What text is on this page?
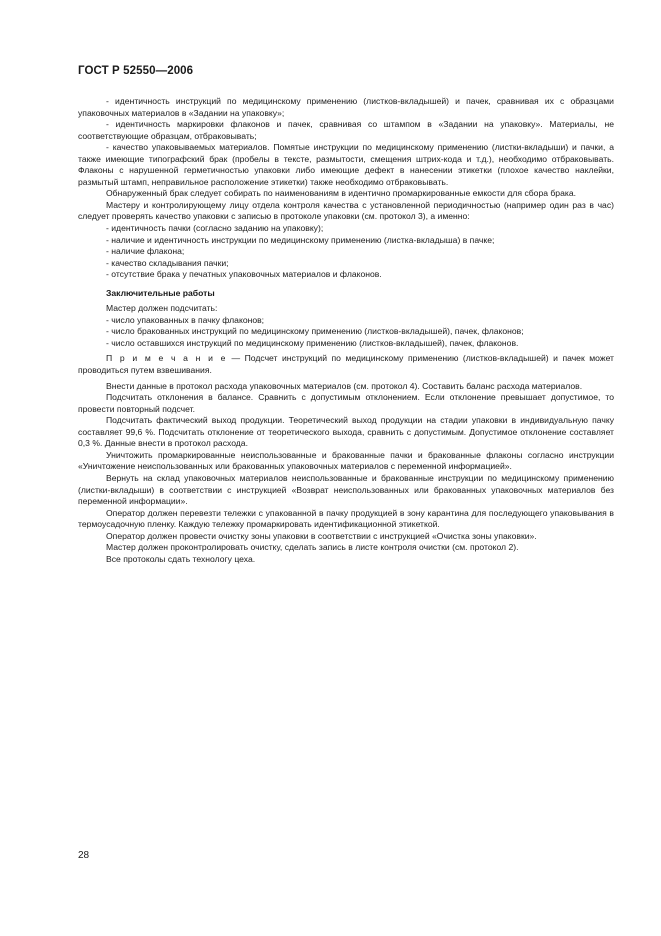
ГОСТ Р 52550—2006

- идентичность инструкций по медицинскому применению (листков-вкладышей) и пачек, сравнивая их с образцами упаковочных материалов в «Задании на упаковку»;

- идентичность маркировки флаконов и пачек, сравнивая со штампом в «Задании на упаковку». Материалы, не соответствующие образцам, отбраковывать;

- качество упаковываемых материалов. Помятые инструкции по медицинскому применению (листки-вкладыши) и пачки, а также имеющие типографский брак (пробелы в тексте, размытости, смещения штрих-кода и т.д.), необходимо отбраковывать. Флаконы с нарушенной герметичностью упаковки либо имеющие дефект в нанесении этикетки (плохое качество наклейки, размытый штамп, неправильное расположение этикетки) также необходимо отбраковывать.

Обнаруженный брак следует собирать по наименованиям в идентично промаркированные емкости для сбора брака.

Мастеру и контролирующему лицу отдела контроля качества с установленной периодичностью (например один раз в час) следует проверять качество упаковки с записью в протоколе упаковки (см. протокол 3), а именно:

- идентичность пачки (согласно заданию на упаковку);

- наличие и идентичность инструкции по медицинскому применению (листка-вкладыша) в пачке;

- наличие флакона;

- качество складывания пачки;

- отсутствие брака у печатных упаковочных материалов и флаконов.

Заключительные работы

Мастер должен подсчитать:

- число упакованных в пачку флаконов;

- число бракованных инструкций по медицинскому применению (листков-вкладышей), пачек, флаконов;

- число оставшихся инструкций по медицинскому применению (листков-вкладышей), пачек, флаконов.

П р и м е ч а н и е — Подсчет инструкций по медицинскому применению (листков-вкладышей) и пачек может проводиться путем взвешивания.

Внести данные в протокол расхода упаковочных материалов (см. протокол 4). Составить баланс расхода материалов.

Подсчитать отклонения в балансе. Сравнить с допустимым отклонением. Если отклонение превышает допустимое, то провести повторный подсчет.

Подсчитать фактический выход продукции. Теоретический выход продукции на стадии упаковки в индивидуальную пачку составляет 99,6 %. Подсчитать отклонение от теоретического выхода, сравнить с допустимым. Допустимое отклонение составляет 0,3 %. Данные внести в протокол расхода.

Уничтожить промаркированные неиспользованные и бракованные пачки и бракованные флаконы согласно инструкции «Уничтожение неиспользованных или бракованных упаковочных материалов с переменной информацией».

Вернуть на склад упаковочных материалов неиспользованные и бракованные инструкции по медицинскому применению (листки-вкладыши) в соответствии с инструкцией «Возврат неиспользованных или бракованных упаковочных материалов без переменной информации».

Оператор должен перевезти тележки с упакованной в пачку продукцией в зону карантина для последующего упаковывания в термоусадочную пленку. Каждую тележку промаркировать идентификационной этикеткой.

Оператор должен провести очистку зоны упаковки в соответствии с инструкцией «Очистка зоны упаковки».

Мастер должен проконтролировать очистку, сделать запись в листе контроля очистки (см. протокол 2).

Все протоколы сдать технологу цеха.

28
